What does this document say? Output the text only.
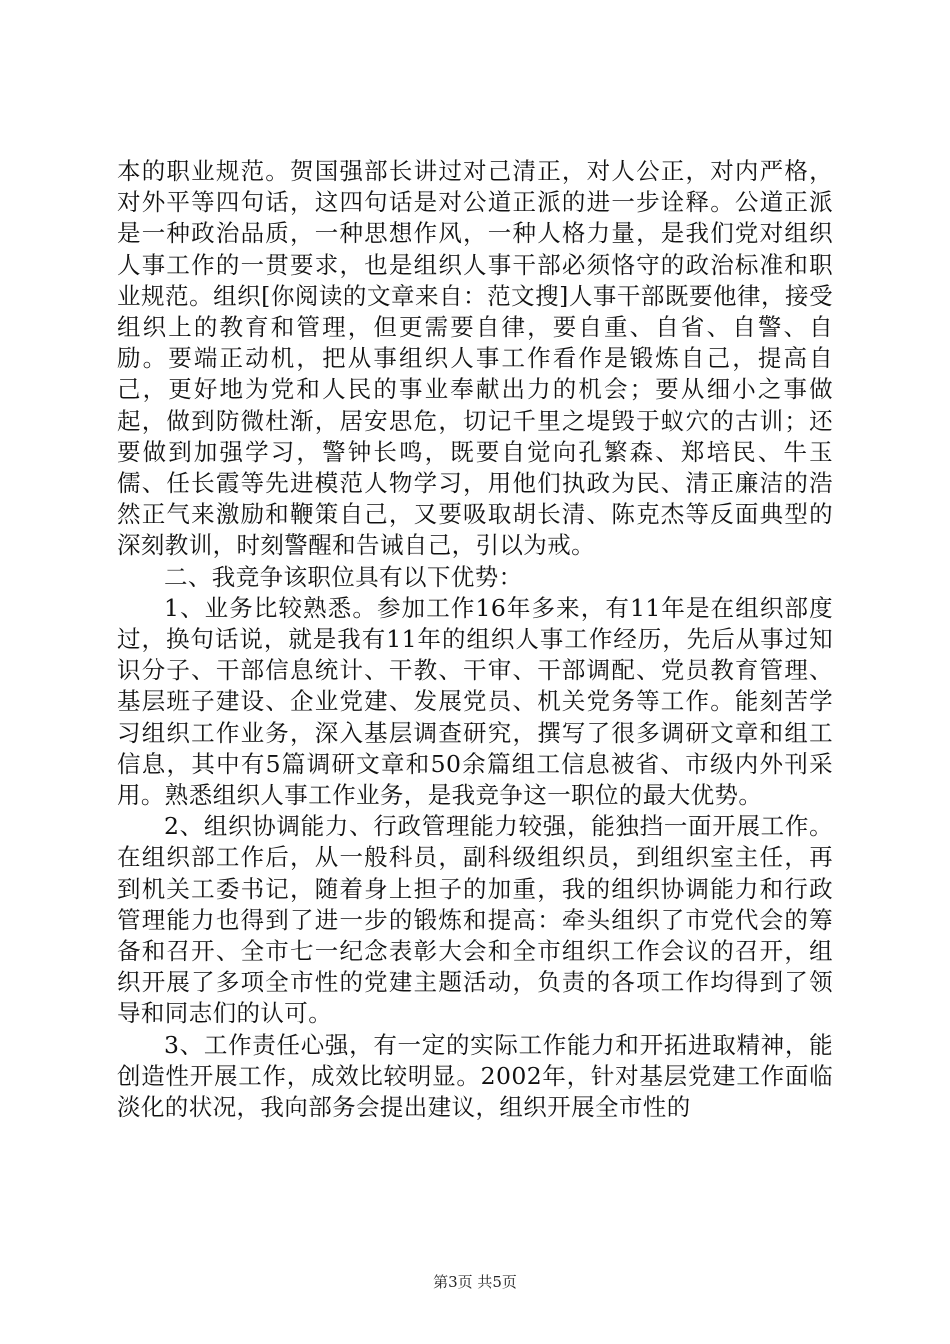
本的职业规范。贺国强部长讲过对己清正，对人公正，对内严格，对外平等四句话，这四句话是对公道正派的进一步诠释。公道正派是一种政治品质，一种思想作风，一种人格力量，是我们党对组织人事工作的一贯要求，也是组织人事干部必须恪守的政治标准和职业规范。组织[你阅读的文章来自：范文搜]人事干部既要他律，接受组织上的教育和管理，但更需要自律，要自重、自省、自警、自励。要端正动机，把从事组织人事工作看作是锻炼自己，提高自己，更好地为党和人民的事业奉献出力的机会；要从细小之事做起，做到防微杜渐，居安思危，切记千里之堤毁于蚁穴的古训；还要做到加强学习，警钟长鸣，既要自觉向孔繁森、郑培民、牛玉儒、任长霞等先进模范人物学习，用他们执政为民、清正廉洁的浩然正气来激励和鞭策自己，又要吸取胡长清、陈克杰等反面典型的深刻教训，时刻警醒和告诫自己，引以为戒。

二、我竞争该职位具有以下优势：

1、业务比较熟悉。参加工作16年多来，有11年是在组织部度过，换句话说，就是我有11年的组织人事工作经历，先后从事过知识分子、干部信息统计、干教、干审、干部调配、党员教育管理、基层班子建设、企业党建、发展党员、机关党务等工作。能刻苦学习组织工作业务，深入基层调查研究，撰写了很多调研文章和组工信息，其中有5篇调研文章和50余篇组工信息被省、市级内外刊采用。熟悉组织人事工作业务，是我竞争这一职位的最大优势。

2、组织协调能力、行政管理能力较强，能独挡一面开展工作。在组织部工作后，从一般科员，副科级组织员，到组织室主任，再到机关工委书记，随着身上担子的加重，我的组织协调能力和行政管理能力也得到了进一步的锻炼和提高：牵头组织了市党代会的筹备和召开、全市七一纪念表彰大会和全市组织工作会议的召开，组织开展了多项全市性的党建主题活动，负责的各项工作均得到了领导和同志们的认可。

3、工作责任心强，有一定的实际工作能力和开拓进取精神，能创造性开展工作，成效比较明显。2002年，针对基层党建工作面临淡化的状况，我向部务会提出建议，组织开展全市性的

第3页 共5页
